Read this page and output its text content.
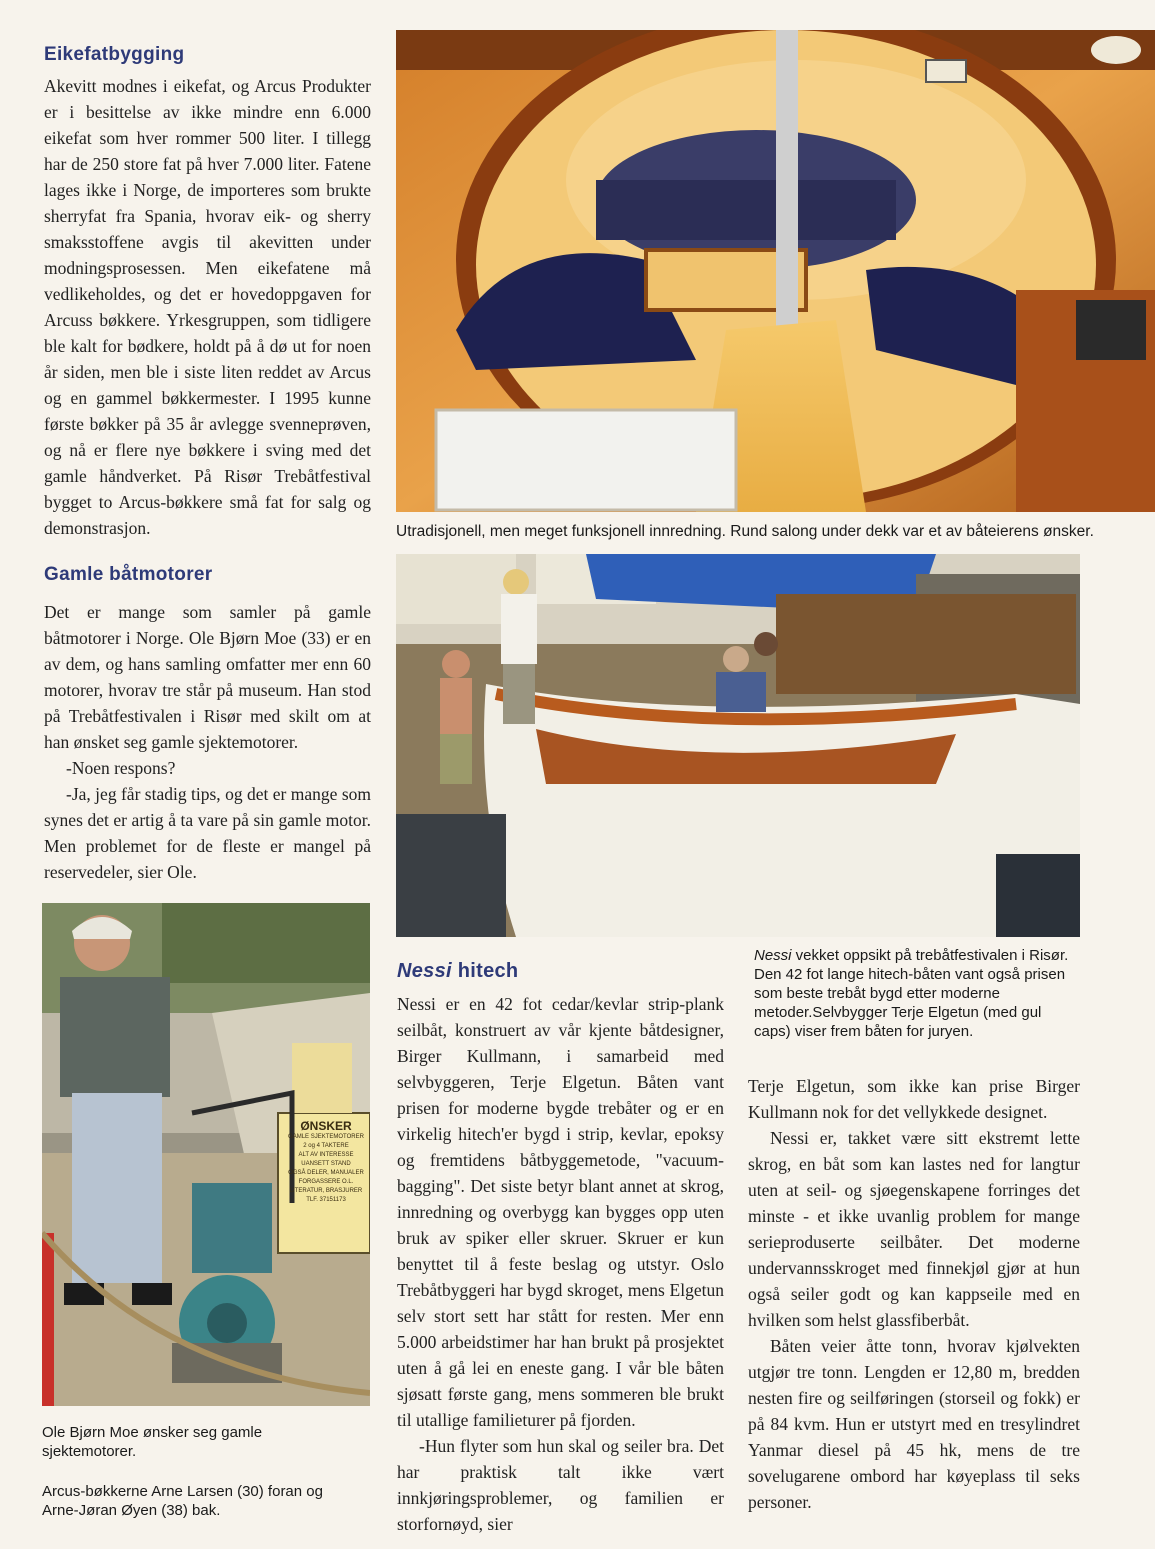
Eikefatbygging

Akevitt modnes i eikefat, og Arcus Produkter er i besittelse av ikke mindre enn 6.000 eikefat som hver rommer 500 liter. I tillegg har de 250 store fat på hver 7.000 liter. Fatene lages ikke i Norge, de importeres som brukte sherryfat fra Spania, hvorav eik- og sherry smaksstoffene avgis til akevitten under modningsprosessen. Men eikefatene må vedlikeholdes, og det er hovedoppgaven for Arcuss bøkkere. Yrkesgruppen, som tidligere ble kalt for bødkere, holdt på å dø ut for noen år siden, men ble i siste liten reddet av Arcus og en gammel bøkkermester. I 1995 kunne første bøkker på 35 år avlegge svenneprøven, og nå er flere nye bøkkere i sving med det gamle håndverket. På Risør Trebåtfestival bygget to Arcus-bøkkere små fat for salg og demonstrasjon.

Gamle båtmotorer

Det er mange som samler på gamle båtmotorer i Norge. Ole Bjørn Moe (33) er en av dem, og hans samling omfatter mer enn 60 motorer, hvorav tre står på museum. Han stod på Trebåtfestivalen i Risør med skilt om at han ønsket seg gamle sjektemotorer.

-Noen respons?

-Ja, jeg får stadig tips, og det er mange som synes det er artig å ta vare på sin gamle motor. Men problemet for de fleste er mangel på reservedeler, sier Ole.

Utradisjonell, men meget funksjonell innredning. Rund salong under dekk var et av båteierens ønsker.
Nessi vekket oppsikt på trebåtfestivalen i Risør. Den 42 fot lange hitech-båten vant også prisen som beste trebåt bygd etter moderne metoder.Selvbygger Terje Elgetun (med gul caps) viser frem båten for juryen.
ØNSKER
GAMLE SJEKTEMOTORER
2 og 4 TAKTERE
ALT AV INTERESSE
UANSETT STAND
OGSÅ DELER, MANUALER
FORGASSERE O.L.
LITERATUR, BRASJURER
TLF. 37151173
Ole Bjørn Moe ønsker seg gamle sjektemotorer.
Arcus-bøkkerne Arne Larsen (30) foran og Arne-Jøran Øyen (38) bak.
Nessi hitech

Nessi er en 42 fot cedar/kevlar strip-plank seilbåt, konstruert av vår kjente båtdesigner, Birger Kullmann, i samarbeid med selvbyggeren, Terje Elgetun. Båten vant prisen for moderne bygde trebåter og er en virkelig hitech'er bygd i strip, kevlar, epoksy og fremtidens båtbyggemetode, "vacuum-bagging". Det siste betyr blant annet at skrog, innredning og overbygg kan bygges opp uten bruk av spiker eller skruer. Skruer er kun benyttet til å feste beslag og utstyr. Oslo Trebåtbyggeri har bygd skroget, mens Elgetun selv stort sett har stått for resten. Mer enn 5.000 arbeidstimer har han brukt på prosjektet uten å gå lei en eneste gang. I vår ble båten sjøsatt første gang, mens sommeren ble brukt til utallige familieturer på fjorden.

-Hun flyter som hun skal og seiler bra. Det har praktisk talt ikke vært innkjøringsproblemer, og familien er storfornøyd, sier

Terje Elgetun, som ikke kan prise Birger Kullmann nok for det vellykkede designet.

Nessi er, takket være sitt ekstremt lette skrog, en båt som kan lastes ned for langtur uten at seil- og sjøegenskapene forringes det minste - et ikke uvanlig problem for mange serieproduserte seilbåter. Det moderne undervannsskroget med finnekjøl gjør at hun også seiler godt og kan kappseile med en hvilken som helst glassfiberbåt.

Båten veier åtte tonn, hvorav kjølvekten utgjør tre tonn. Lengden er 12,80 m, bredden nesten fire og seilføringen (storseil og fokk) er på 84 kvm. Hun er utstyrt med en tresylindret Yanmar diesel på 45 hk, mens de tre sovelugarene ombord har køyeplass til seks personer.
